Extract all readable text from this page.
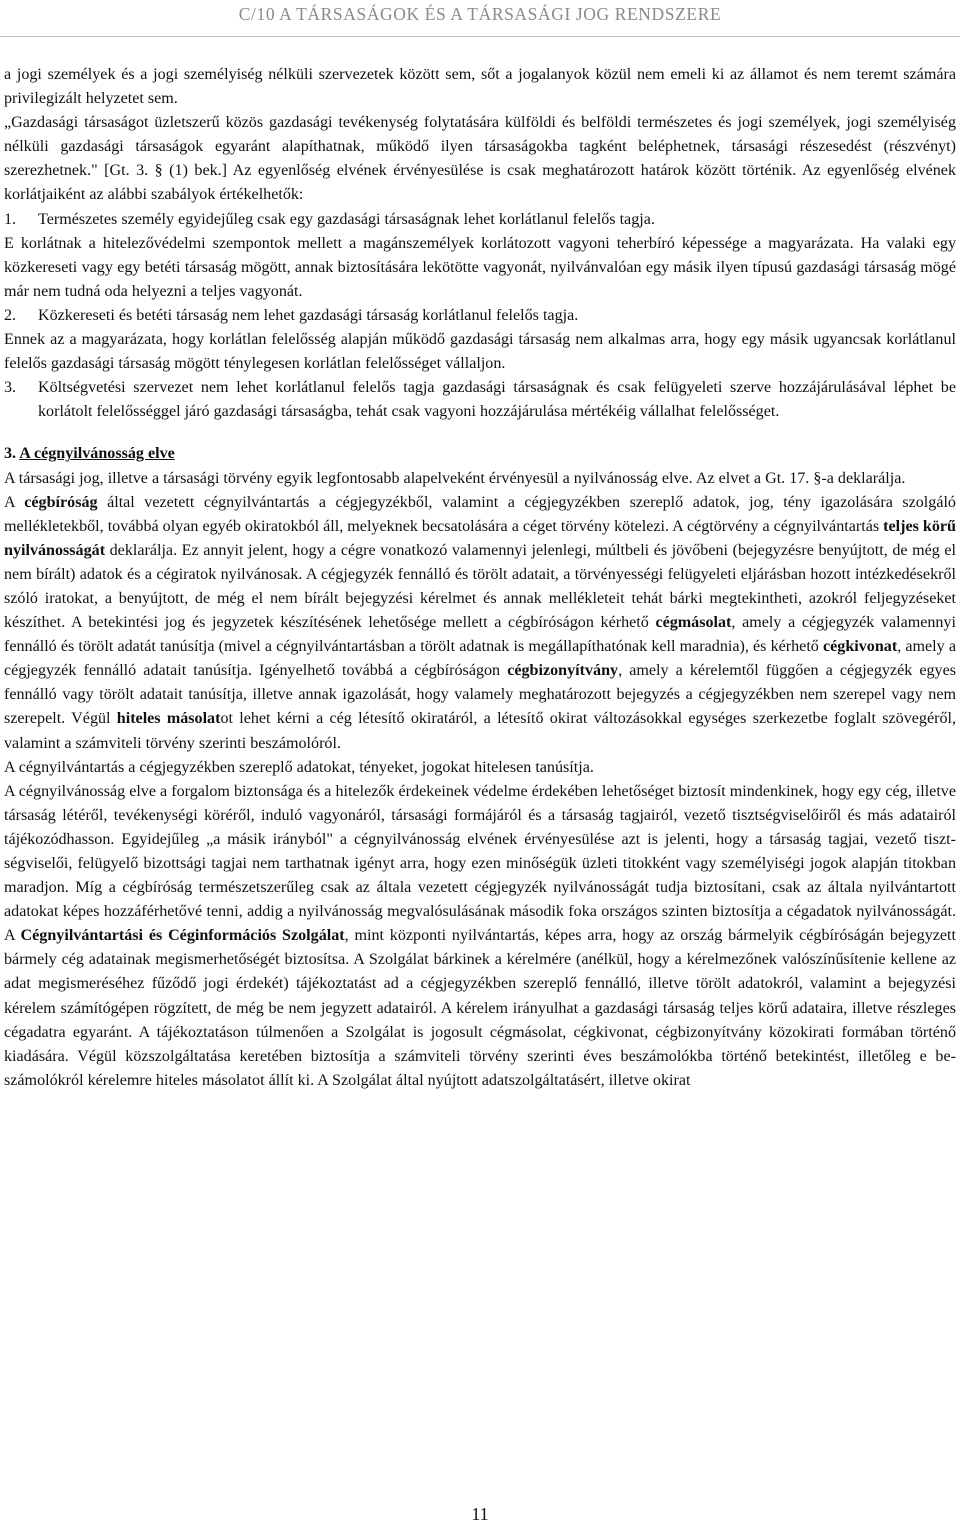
C/10 A TÁRSASÁGOK ÉS A TÁRSASÁGI JOG RENDSZERE

a jogi személyek és a jogi személyiség nélküli szervezetek között sem, sőt a jogalanyok közül nem emeli ki az államot és nem teremt számára privilegizált helyzetet sem.

„Gazdasági társaságot üzletszerű közös gazdasági tevékenység folytatására külföldi és belföldi természetes és jogi személyek, jogi személyiség nélküli gazdasági társaságok egyaránt alapíthatnak, működő ilyen társaságokba tagként beléphetnek, társasági részesedést (részvényt) szerezhetnek." [Gt. 3. § (1) bek.] Az egyenlőség elvének érvényesülése is csak meghatározott határok között történik. Az egyenlőség elvének korlátjaiként az alábbi szabályok értékelhetők:

1.	Természetes személy egyidejűleg csak egy gazdasági társaságnak lehet korlátlanul felelős tagja.

E korlátnak a hitelezővédelmi szempontok mellett a magánszemélyek korlátozott vagyoni teherbíró képessége a magyarázata. Ha valaki egy közkereseti vagy egy betéti társaság mögött, annak biztosítására lekötötte vagyonát, nyilvánvalóan egy másik ilyen típusú gazdasági társaság mögé már nem tudná oda helyezni a teljes vagyonát.

2.	Közkereseti és betéti társaság nem lehet gazdasági társaság korlátlanul felelős tagja.

Ennek az a magyarázata, hogy korlátlan felelősség alapján működő gazdasági társaság nem alkalmas arra, hogy egy másik ugyancsak korlátlanul felelős gazdasági társaság mögött ténylegesen korlátlan felelősséget vállaljon.

3.	Költségvetési szervezet nem lehet korlátlanul felelős tagja gazdasági társaságnak és csak felügyeleti szerve hozzájárulásával léphet be korlátolt felelősséggel járó gazdasági társaságba, tehát csak vagyoni hozzájárulása mértékéig vállalhat felelősséget.

3. A cégnyilvánosság elve

A társasági jog, illetve a társasági törvény egyik legfontosabb alapelveként érvényesül a nyilvánosság elve. Az elvet a Gt. 17. §-a deklarálja.

A cégbíróság által vezetett cégnyilvántartás a cégjegyzékből, valamint a cégjegyzékben szereplő adatok, jog, tény igazolására szolgáló mellékletekből, továbbá olyan egyéb okiratokból áll, melyeknek becsatolására a céget törvény kötelezi. A cégtörvény a cégnyilvántartás teljes körű nyilvánosságát deklarálja. Ez annyit jelent, hogy a cégre vonatkozó valamennyi jelenlegi, múltbeli és jövőbeni (bejegyzésre benyújtott, de még el nem bírált) adatok és a cégiratok nyilvánosak. A cégjegyzék fennálló és törölt adatait, a törvényességi felügyeleti eljárásban hozott intézkedésekről szóló iratokat, a benyújtott, de még el nem bírált bejegyzési kérelmet és annak mellékleteit tehát bárki megtekintheti, azokról feljegyzéseket készíthet. A betekintési jog és jegyzetek készítésének lehetősége mellett a cégbíróságon kérhető cégmásolat, amely a cégjegyzék valamennyi fennálló és törölt adatát tanúsítja (mivel a cégnyilvántartásban a törölt adatnak is megállapíthatónak kell maradnia), és kérhető cégkivonat, amely a cégjegyzék fennálló adatait tanúsítja. Igényelhető továbbá a cégbíróságon cégbizonyítvány, amely a kérelemtől függően a cégjegyzék egyes fennálló vagy törölt adatait tanúsítja, illetve annak igazolását, hogy valamely meghatározott bejegyzés a cégjegyzékben nem szerepel vagy nem szerepelt. Végül hiteles másolatot lehet kérni a cég létesítő okiratáról, a létesítő okirat változásokkal egységes szerkezetbe foglalt szövegéről, valamint a számviteli törvény szerinti beszámolóról.

A cégnyilvántartás a cégjegyzékben szereplő adatokat, tényeket, jogokat hitelesen tanúsítja.

A cégnyilvánosság elve a forgalom biztonsága és a hitelezők érdekeinek védelme érdekében lehetőséget biztosít mindenkinek, hogy egy cég, illetve társaság létéről, tevékenységi köréről, induló vagyonáról, társasági formájáról és a társaság tagjairól, vezető tisztségviselőiről és más adatairól tájékozódhasson. Egyidejűleg „a másik irányból" a cégnyilvánosság elvének érvényesülése azt is jelenti, hogy a társaság tagjai, vezető tisztségviselői, felügyelő bizottsági tagjai nem tarthatnak igényt arra, hogy ezen minőségük üzleti titokként vagy személyiségi jogok alapján titokban maradjon. Míg a cégbíróság természetszerűleg csak az általa vezetett cégjegyzék nyilvánosságát tudja biztosítani, csak az általa nyilvántartott adatokat képes hozzáférhetővé tenni, addig a nyilvánosság megvalósulásának második foka országos szinten biztosítja a cégadatok nyilvánosságát. A Cégnyilvántartási és Céginformációs Szolgálat, mint központi nyilvántartás, képes arra, hogy az ország bármelyik cégbíróságán bejegyzett bármely cég adatainak megismerhetőségét biztosítsa. A Szolgálat bárkinek a kérelmére (anélkül, hogy a kérelmezőnek valószínűsítenie kellene az adat megismeréséhez fűződő jogi érdekét) tájékoztatást ad a cégjegyzékben szereplő fennálló, illetve törölt adatokról, valamint a bejegyzési kérelem számítógépen rögzített, de még be nem jegyzett adatairól. A kérelem irányulhat a gazdasági társaság teljes körű adataira, illetve részleges cégadatra egyaránt. A tájékoztatáson túlmenően a Szolgálat is jogosult cégmásolat, cégkivonat, cégbizonyítvány közokirati formában történő kiadására. Végül közszolgáltatása keretében biztosítja a számviteli törvény szerinti éves beszámolókba történő betekintést, illetőleg e beszámolókról kérelemre hiteles másolatot állít ki. A Szolgálat által nyújtott adatszolgáltatásért, illetve okirat

11
